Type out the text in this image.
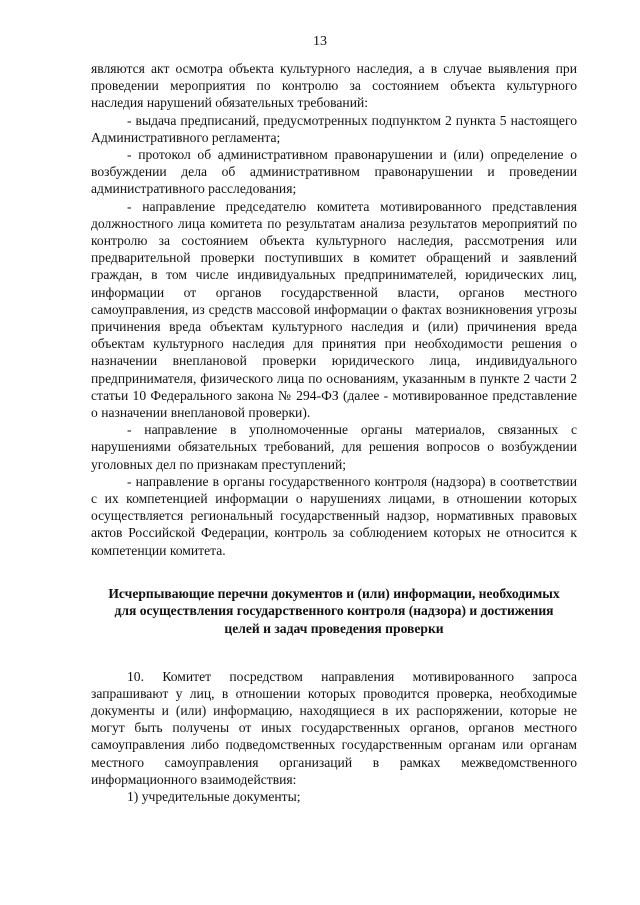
13

являются акт осмотра объекта культурного наследия, а в случае выявления при проведении мероприятия по контролю за состоянием объекта культурного наследия нарушений обязательных требований:

- выдача предписаний, предусмотренных подпунктом 2 пункта 5 настоящего Административного регламента;

- протокол об административном правонарушении и (или) определение о возбуждении дела об административном правонарушении и проведении административного расследования;

- направление председателю комитета мотивированного представления должностного лица комитета по результатам анализа результатов мероприятий по контролю за состоянием объекта культурного наследия, рассмотрения или предварительной проверки поступивших в комитет обращений и заявлений граждан, в том числе индивидуальных предпринимателей, юридических лиц, информации от органов государственной власти, органов местного самоуправления, из средств массовой информации о фактах возникновения угрозы причинения вреда объектам культурного наследия и (или) причинения вреда объектам культурного наследия для принятия при необходимости решения о назначении внеплановой проверки юридического лица, индивидуального предпринимателя, физического лица по основаниям, указанным в пункте 2 части 2 статьи 10 Федерального закона № 294-ФЗ (далее - мотивированное представление о назначении внеплановой проверки).

- направление в уполномоченные органы материалов, связанных с нарушениями обязательных требований, для решения вопросов о возбуждении уголовных дел по признакам преступлений;

- направление в органы государственного контроля (надзора) в соответствии с их компетенцией информации о нарушениях лицами, в отношении которых осуществляется региональный государственный надзор, нормативных правовых актов Российской Федерации, контроль за соблюдением которых не относится к компетенции комитета.

Исчерпывающие перечни документов и (или) информации, необходимых для осуществления государственного контроля (надзора) и достижения целей и задач проведения проверки

10. Комитет посредством направления мотивированного запроса запрашивают у лиц, в отношении которых проводится проверка, необходимые документы и (или) информацию, находящиеся в их распоряжении, которые не могут быть получены от иных государственных органов, органов местного самоуправления либо подведомственных государственным органам или органам местного самоуправления организаций в рамках межведомственного информационного взаимодействия:

1) учредительные документы;
